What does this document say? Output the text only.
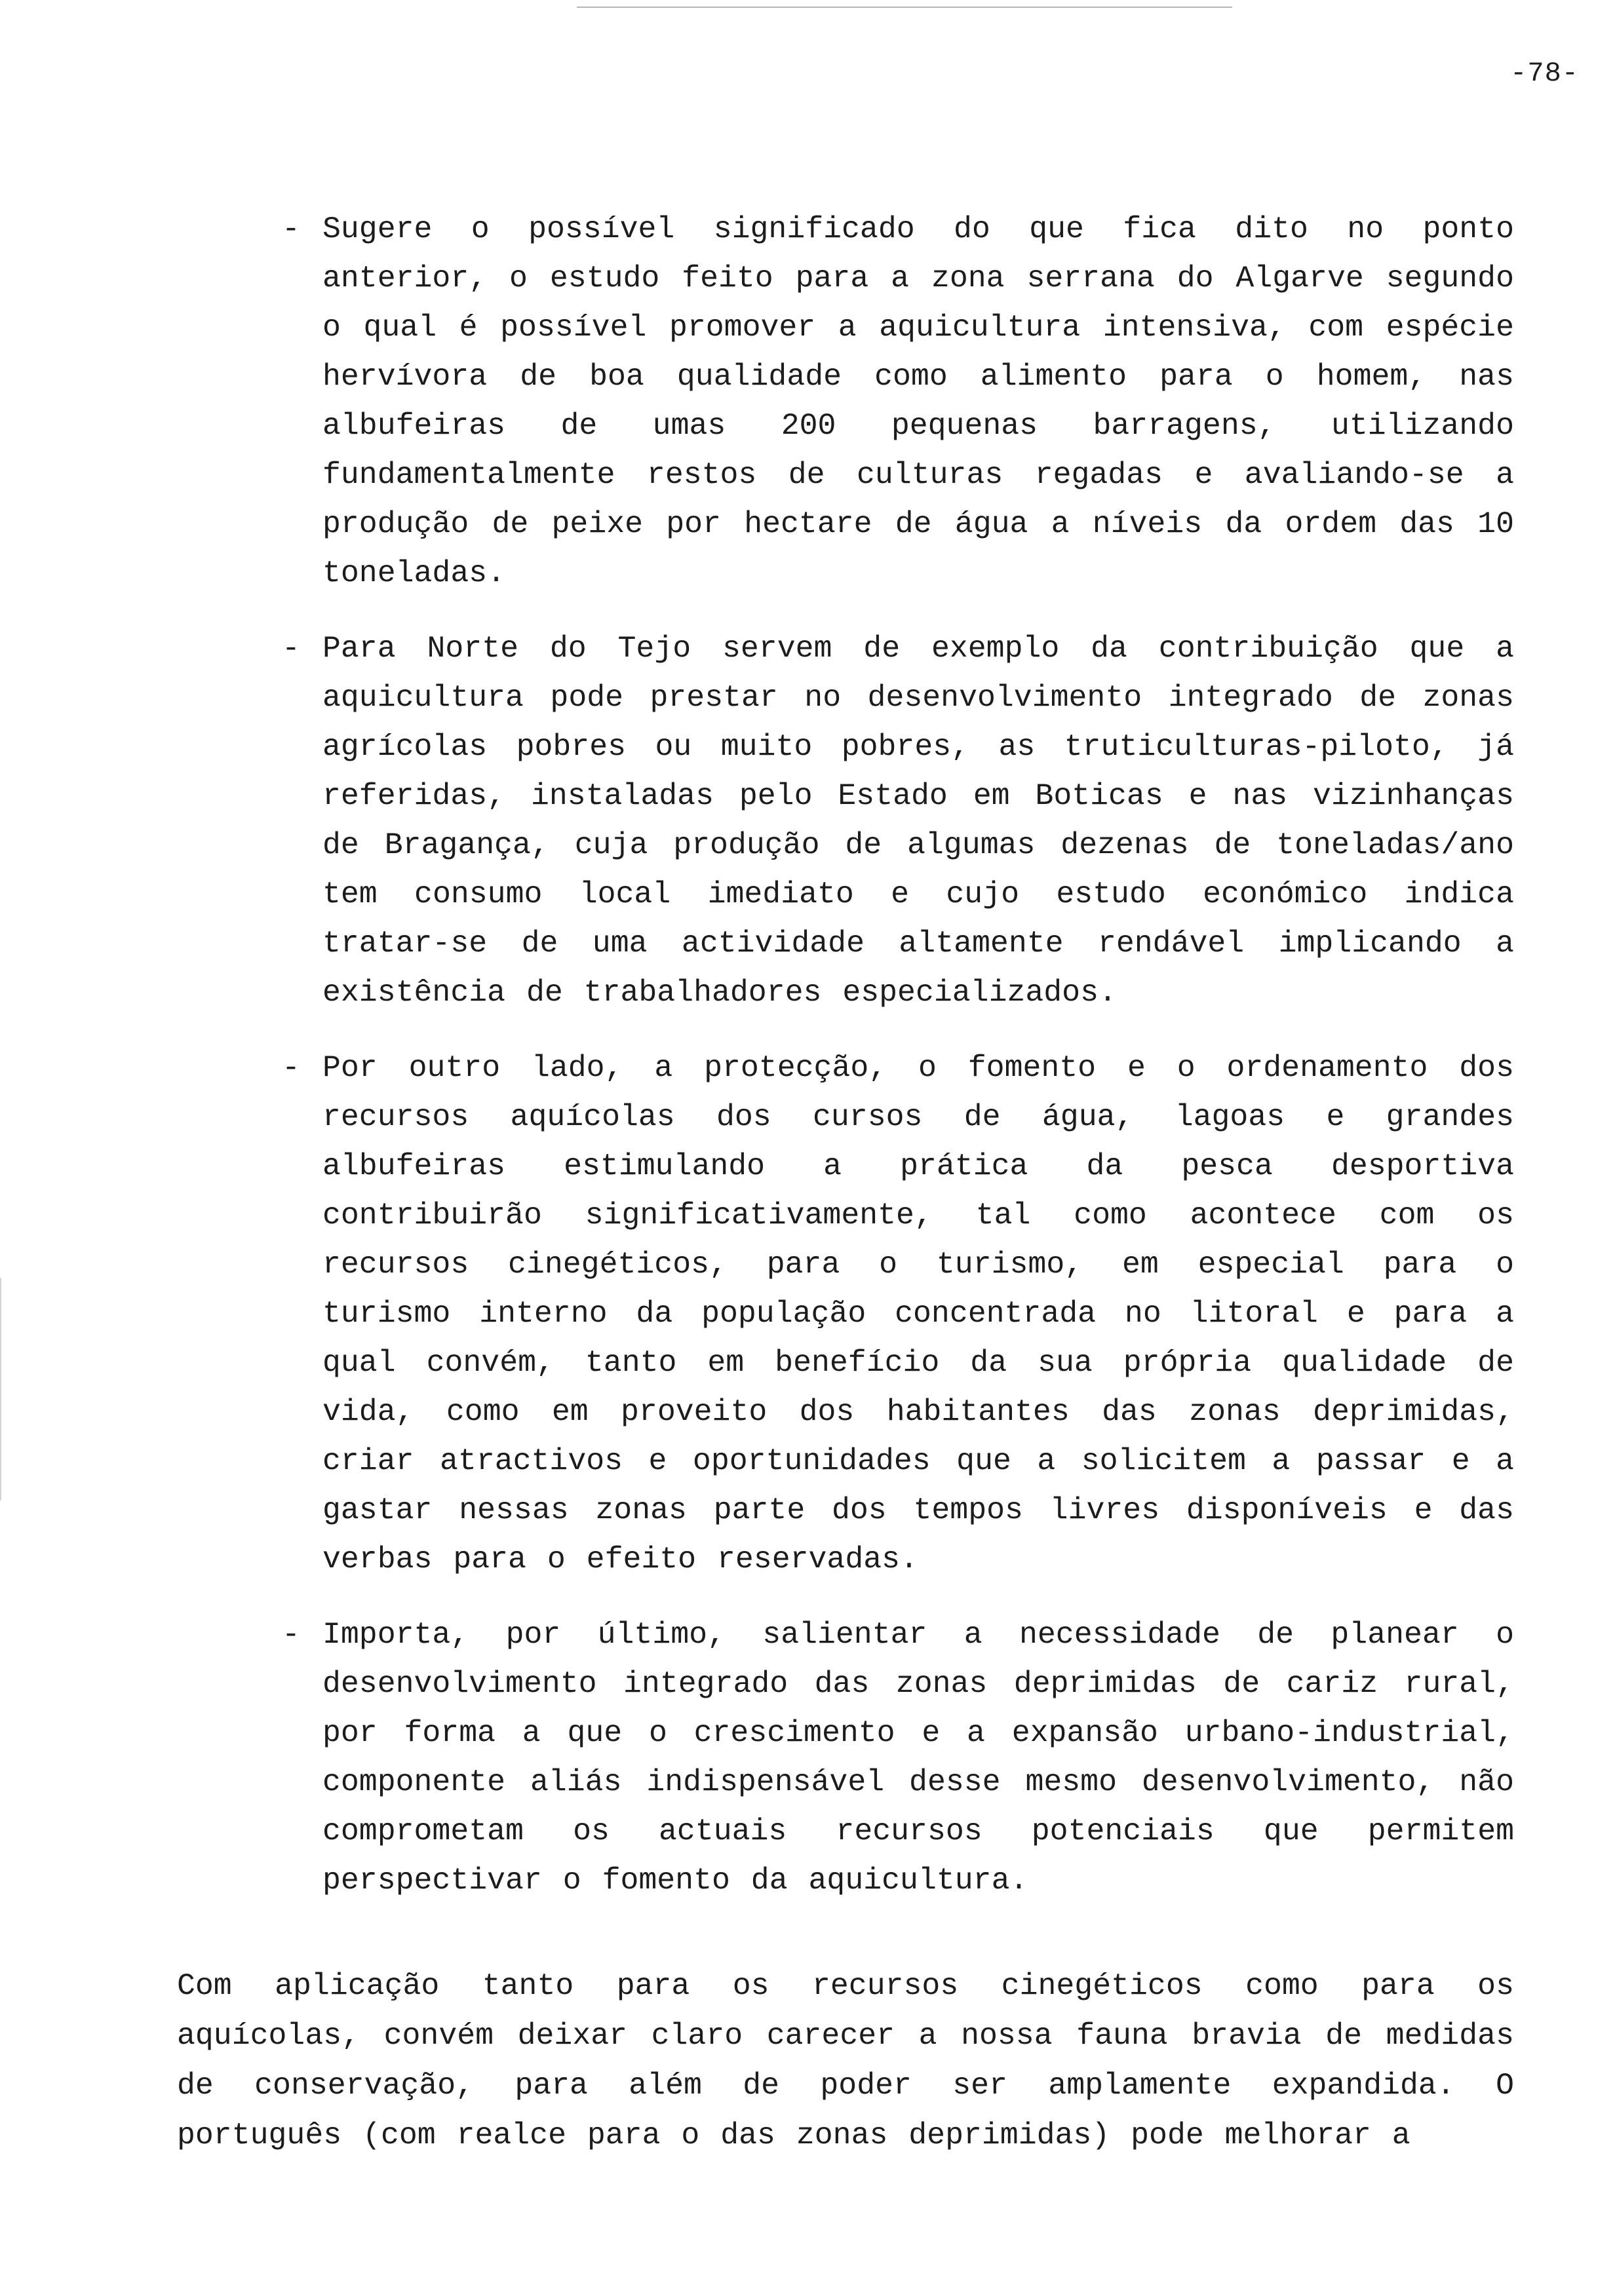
-78-
- Sugere o possível significado do que fica dito no ponto anterior, o estudo feito para a zona serrana do Algarve segundo o qual é possível promover a aquicultura intensiva, com espécie hervívora de boa qualidade como alimento para o homem, nas albufeiras de umas 200 pequenas barragens, utilizando fundamentalmente restos de culturas regadas e avaliando-se a produção de peixe por hectare de água a níveis da ordem das 10 toneladas.
- Para Norte do Tejo servem de exemplo da contribuição que a aquicultura pode prestar no desenvolvimento integrado de zonas agrícolas pobres ou muito pobres, as truticulturas-piloto, já referidas, instaladas pelo Estado em Boticas e nas vizinhanças de Bragança, cuja produção de algumas dezenas de toneladas/ano tem consumo local imediato e cujo estudo económico indica tratar-se de uma actividade altamente rendável implicando a existência de trabalhadores especializados.
- Por outro lado, a protecção, o fomento e o ordenamento dos recursos aquícolas dos cursos de água, lagoas e grandes albufeiras estimulando a prática da pesca desportiva contribuirão significativamente, tal como acontece com os recursos cinegéticos, para o turismo, em especial para o turismo interno da população concentrada no litoral e para a qual convém, tanto em benefício da sua própria qualidade de vida, como em proveito dos habitantes das zonas deprimidas, criar atractivos e oportunidades que a solicitem a passar e a gastar nessas zonas parte dos tempos livres disponíveis e das verbas para o efeito reservadas.
- Importa, por último, salientar a necessidade de planear o desenvolvimento integrado das zonas deprimidas de cariz rural, por forma a que o crescimento e a expansão urbano-industrial, componente aliás indispensável desse mesmo desenvolvimento, não comprometam os actuais recursos potenciais que permitem perspectivar o fomento da aquicultura.

Com aplicação tanto para os recursos cinegéticos como para os aquícolas, convém deixar claro carecer a nossa fauna bravia de medidas de conservação, para além de poder ser amplamente expandida. O português (com realce para o das zonas deprimidas) pode melhorar a
